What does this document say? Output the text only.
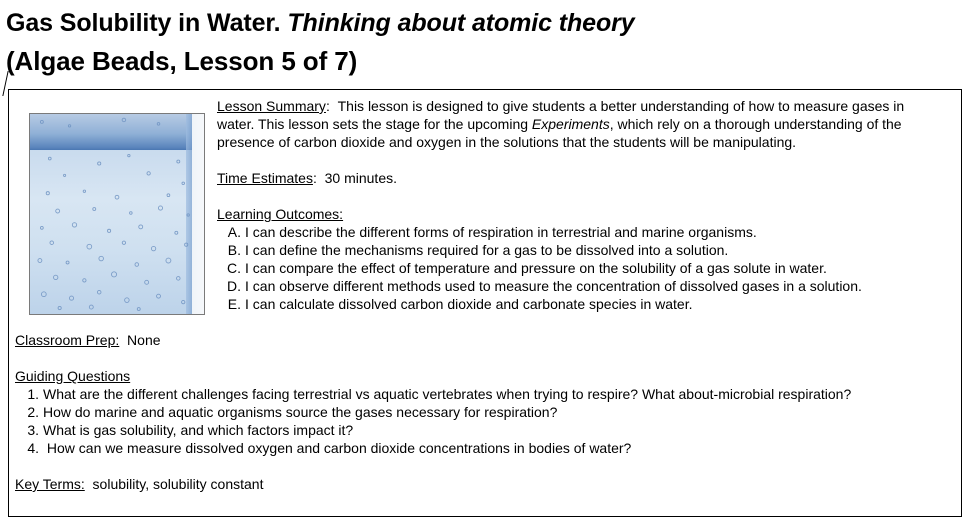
Gas Solubility in Water. Thinking about atomic theory
(Algae Beads, Lesson 5 of 7)
Lesson Summary:  This lesson is designed to give students a better understanding of how to measure gases in
water. This lesson sets the stage for the upcoming Experiments, which rely on a thorough understanding of the
presence of carbon dioxide and oxygen in the solutions that the students will be manipulating.
Time Estimates:  30 minutes.
Learning Outcomes:
A. I can describe the different forms of respiration in terrestrial and marine organisms.
B. I can define the mechanisms required for a gas to be dissolved into a solution.
C. I can compare the effect of temperature and pressure on the solubility of a gas solute in water.
D. I can observe different methods used to measure the concentration of dissolved gases in a solution.
E. I can calculate dissolved carbon dioxide and carbonate species in water.
Classroom Prep: None
Guiding Questions
1. What are the different challenges facing terrestrial vs aquatic vertebrates when trying to respire? What about-microbial respiration?
2. How do marine and aquatic organisms source the gases necessary for respiration?
3. What is gas solubility, and which factors impact it?
4. How can we measure dissolved oxygen and carbon dioxide concentrations in bodies of water?
Key Terms: solubility, solubility constant
